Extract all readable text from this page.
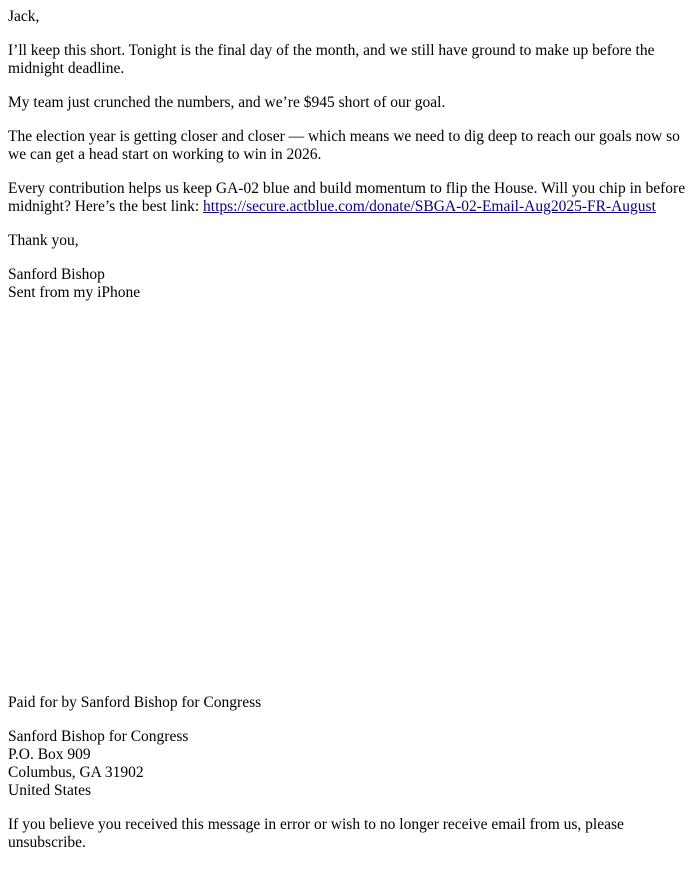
Jack,

I’ll keep this short. Tonight is the final day of the month, and we still have ground to make up before the midnight deadline.

My team just crunched the numbers, and we’re $945 short of our goal.

The election year is getting closer and closer — which means we need to dig deep to reach our goals now so we can get a head start on working to win in 2026.

Every contribution helps us keep GA-02 blue and build momentum to flip the House. Will you chip in before midnight? Here’s the best link: https://secure.actblue.com/donate/SBGA-02-Email-Aug2025-FR-August

Thank you,

Sanford Bishop
Sent from my iPhone

Paid for by Sanford Bishop for Congress

Sanford Bishop for Congress
P.O. Box 909
Columbus, GA 31902
United States

If you believe you received this message in error or wish to no longer receive email from us, please unsubscribe.
